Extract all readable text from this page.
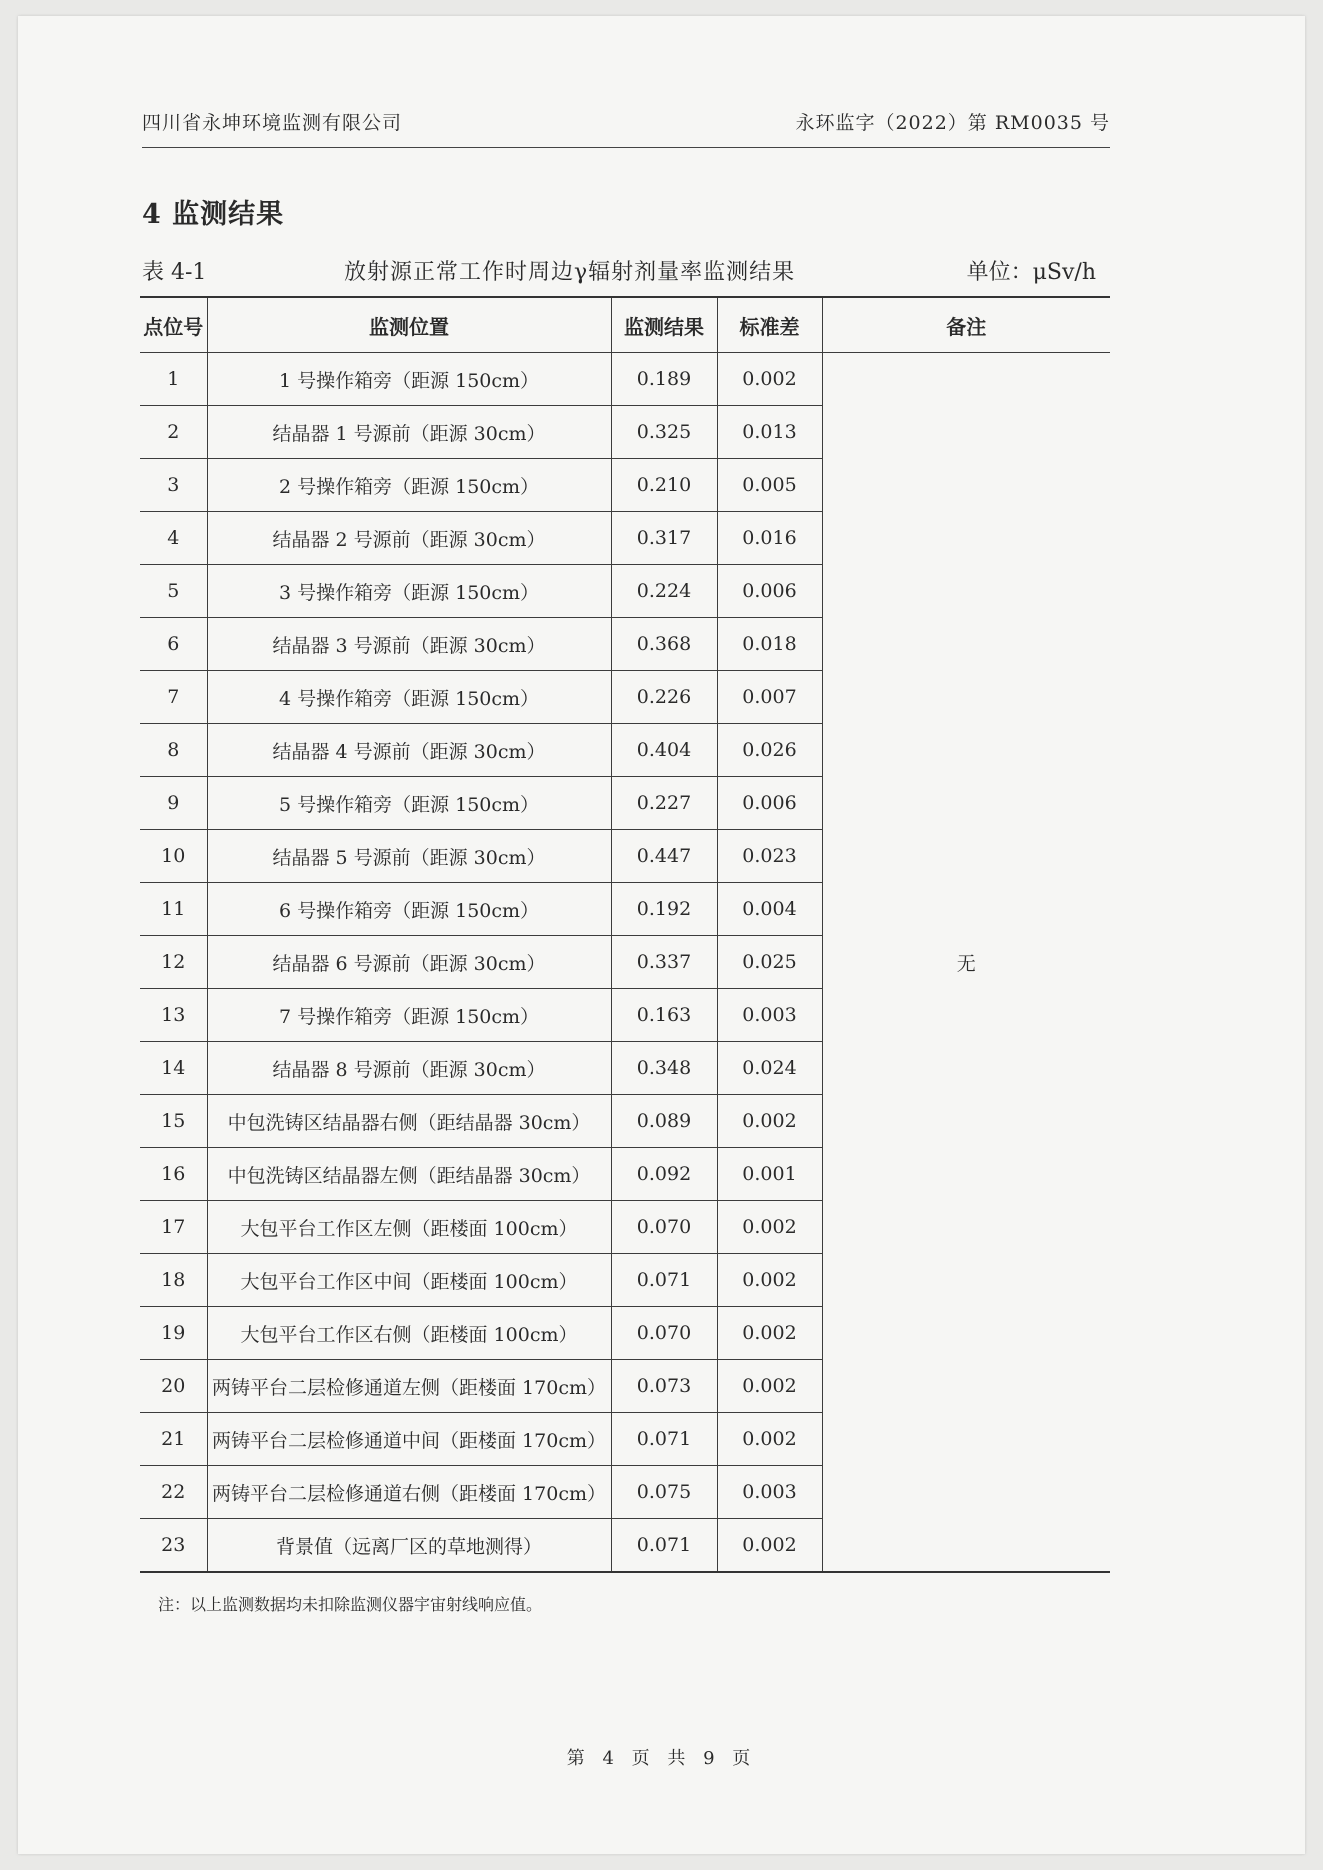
四川省永坤环境监测有限公司	永环监字（2022）第 RM0035 号
4 监测结果
表 4-1	放射源正常工作时周边γ辐射剂量率监测结果	单位：μSv/h
点位号	监测位置	监测结果	标准差	备注
1	1 号操作箱旁（距源 150cm）	0.189	0.002	无
2	结晶器 1 号源前（距源 30cm）	0.325	0.013	
3	2 号操作箱旁（距源 150cm）	0.210	0.005	
4	结晶器 2 号源前（距源 30cm）	0.317	0.016	
5	3 号操作箱旁（距源 150cm）	0.224	0.006	
6	结晶器 3 号源前（距源 30cm）	0.368	0.018	
7	4 号操作箱旁（距源 150cm）	0.226	0.007	
8	结晶器 4 号源前（距源 30cm）	0.404	0.026	
9	5 号操作箱旁（距源 150cm）	0.227	0.006	
10	结晶器 5 号源前（距源 30cm）	0.447	0.023	
11	6 号操作箱旁（距源 150cm）	0.192	0.004	
12	结晶器 6 号源前（距源 30cm）	0.337	0.025	
13	7 号操作箱旁（距源 150cm）	0.163	0.003	
14	结晶器 8 号源前（距源 30cm）	0.348	0.024	
15	中包洗铸区结晶器右侧（距结晶器 30cm）	0.089	0.002	
16	中包洗铸区结晶器左侧（距结晶器 30cm）	0.092	0.001	
17	大包平台工作区左侧（距楼面 100cm）	0.070	0.002	
18	大包平台工作区中间（距楼面 100cm）	0.071	0.002	
19	大包平台工作区右侧（距楼面 100cm）	0.070	0.002	
20	两铸平台二层检修通道左侧（距楼面 170cm）	0.073	0.002	
21	两铸平台二层检修通道中间（距楼面 170cm）	0.071	0.002	
22	两铸平台二层检修通道右侧（距楼面 170cm）	0.075	0.003	
23	背景值（远离厂区的草地测得）	0.071	0.002	
注：以上监测数据均未扣除监测仪器宇宙射线响应值。
第 4 页 共 9 页
